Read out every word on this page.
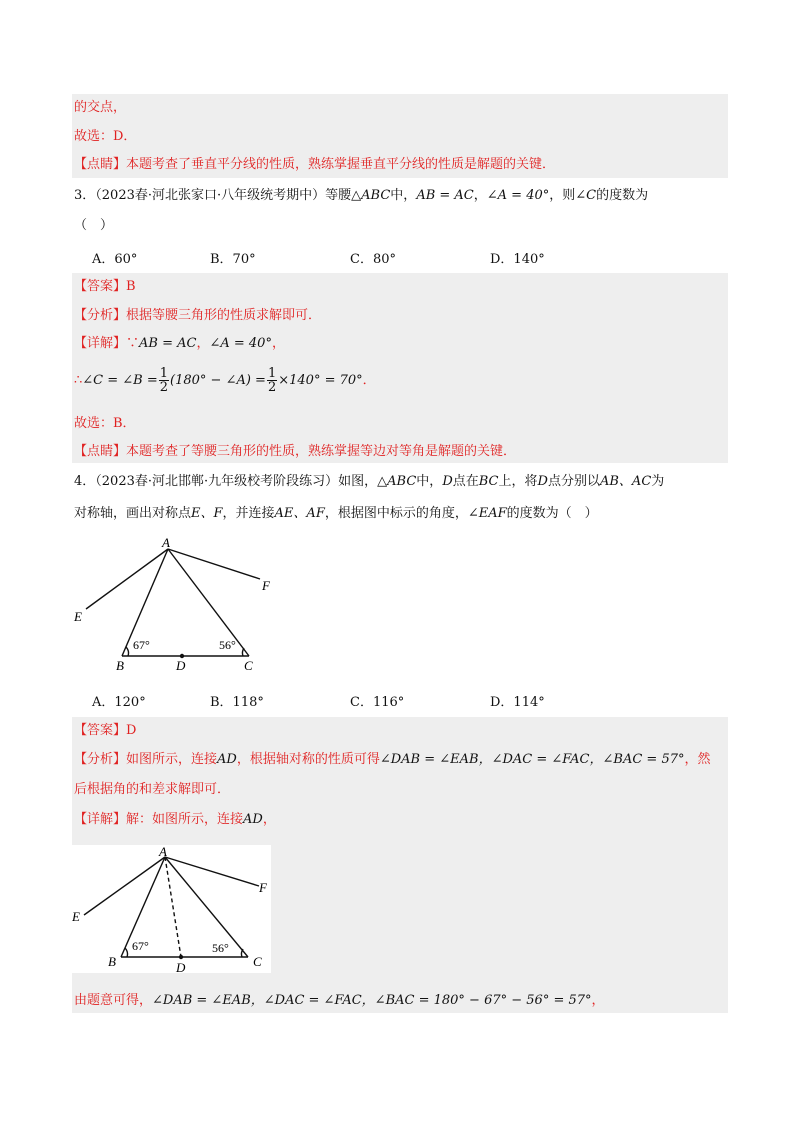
的交点，
故选：D．
【点睛】本题考查了垂直平分线的性质，熟练掌握垂直平分线的性质是解题的关键．
3．（2023春·河北张家口·八年级统考期中）等腰△ABC中，AB = AC，∠A = 40°，则∠C的度数为
（　）
A．60°	B．70°	C．80°	D．140°
【答案】B
【分析】根据等腰三角形的性质求解即可．
【详解】∵AB = AC，∠A = 40°，
∴∠C = ∠B = $\frac{1}{2} (180^\circ$ − ∠A) = $\frac{1}{2} \times 140^\circ = 70^\circ$．
故选：B．
【点睛】本题考查了等腰三角形的性质，熟练掌握等边对等角是解题的关键．
4．（2023春·河北邯郸·九年级校考阶段练习）如图，△ABC中，D点在BC上，将D点分别以AB、AC为
对称轴，画出对称点E、F，并连接AE、AF，根据图中标示的角度，∠EAF的度数为（　）
A
B	C
D
E
F
67°	56°
A．120°	B．118°	C．116°	D．114°
【答案】D
【分析】如图所示，连接AD，根据轴对称的性质可得∠DAB = ∠EAB，∠DAC = ∠FAC，∠BAC = 57°，然
后根据角的和差求解即可．
【详解】解：如图所示，连接AD，
A
B	C
D
E
F
67°	56°
由题意可得，∠DAB = ∠EAB，∠DAC = ∠FAC，∠BAC = 180° − 67° − 56° = 57°，
